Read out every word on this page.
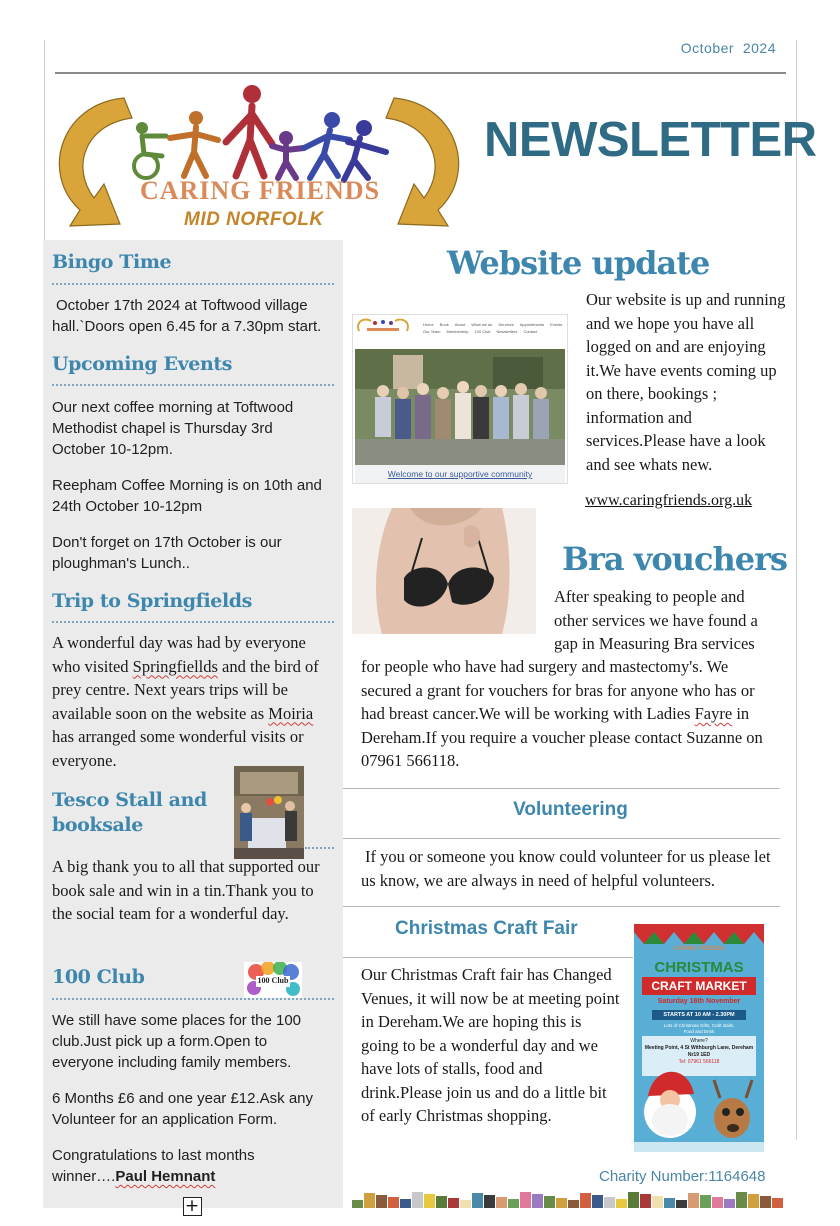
October  2024
NEWSLETTER
CARING FRIENDS
MID NORFOLK
Bingo Time
October 17th 2024 at Toftwood village hall.`Doors open 6.45 for a 7.30pm start.
Upcoming Events
Our next coffee morning at Toftwood Methodist chapel is Thursday 3rd October 10-12pm.
Reepham Coffee Morning is on 10th and 24th October 10-12pm
Don't forget on 17th October is our ploughman's Lunch..
Trip to Springfields
A wonderful day was had by everyone who visited Springfiellds and the bird of prey centre. Next years trips will be available soon on the website as Moiria has arranged some wonderful visits or everyone.
Tesco Stall and booksale
A big thank you to all that supported our book sale and win in a tin.Thank you to the social team for a wonderful day.
100 Club
100 Club
We still have some places for the 100 club.Just pick up a form.Open to everyone including family members.
6 Months £6 and one year £12.Ask any Volunteer for an application Form.
Congratulations to last months winner….Paul Hemnant
+
Website update
Home Book About What we do Services Appointments Events
Our Team Membership 100 Club Newsletters Contact
Welcome to our supportive community
Our website is up and running and we hope you have all logged on and are enjoying it.We have events coming up on there, bookings ; information and services.Please have a look and see whats new.
www.caringfriends.org.uk
Bra vouchers
After speaking to people and
other services we have found a
gap in Measuring Bra services
for people who have had surgery and mastectomy's. We secured a grant for vouchers for bras for anyone who has or had breast cancer.We will be working with Ladies Fayre in Dereham.If you require a voucher please contact Suzanne on 07961 566118.
Volunteering
If you or someone you know could volunteer for us please let us know, we are always in need of helpful volunteers.
Christmas Craft Fair
Our Christmas Craft fair has Changed Venues, it will now be at meeting point in Dereham.We are hoping this is going to be a wonderful day and we have lots of stalls, food and drink.Please join us and do a little bit of early Christmas shopping.
CARING FRIENDS
CHRISTMAS
CRAFT MARKET
Saturday 16th November
STARTS AT 10 AM - 2.30PM
Lots of Christmas Gifts, Craft stalls,
Food and Drink
Where?
Meeting Point, 4 St Withburgh Lane, Dereham
Nr19 1ED
Tel: 07961 566118
Charity Number:1164648
